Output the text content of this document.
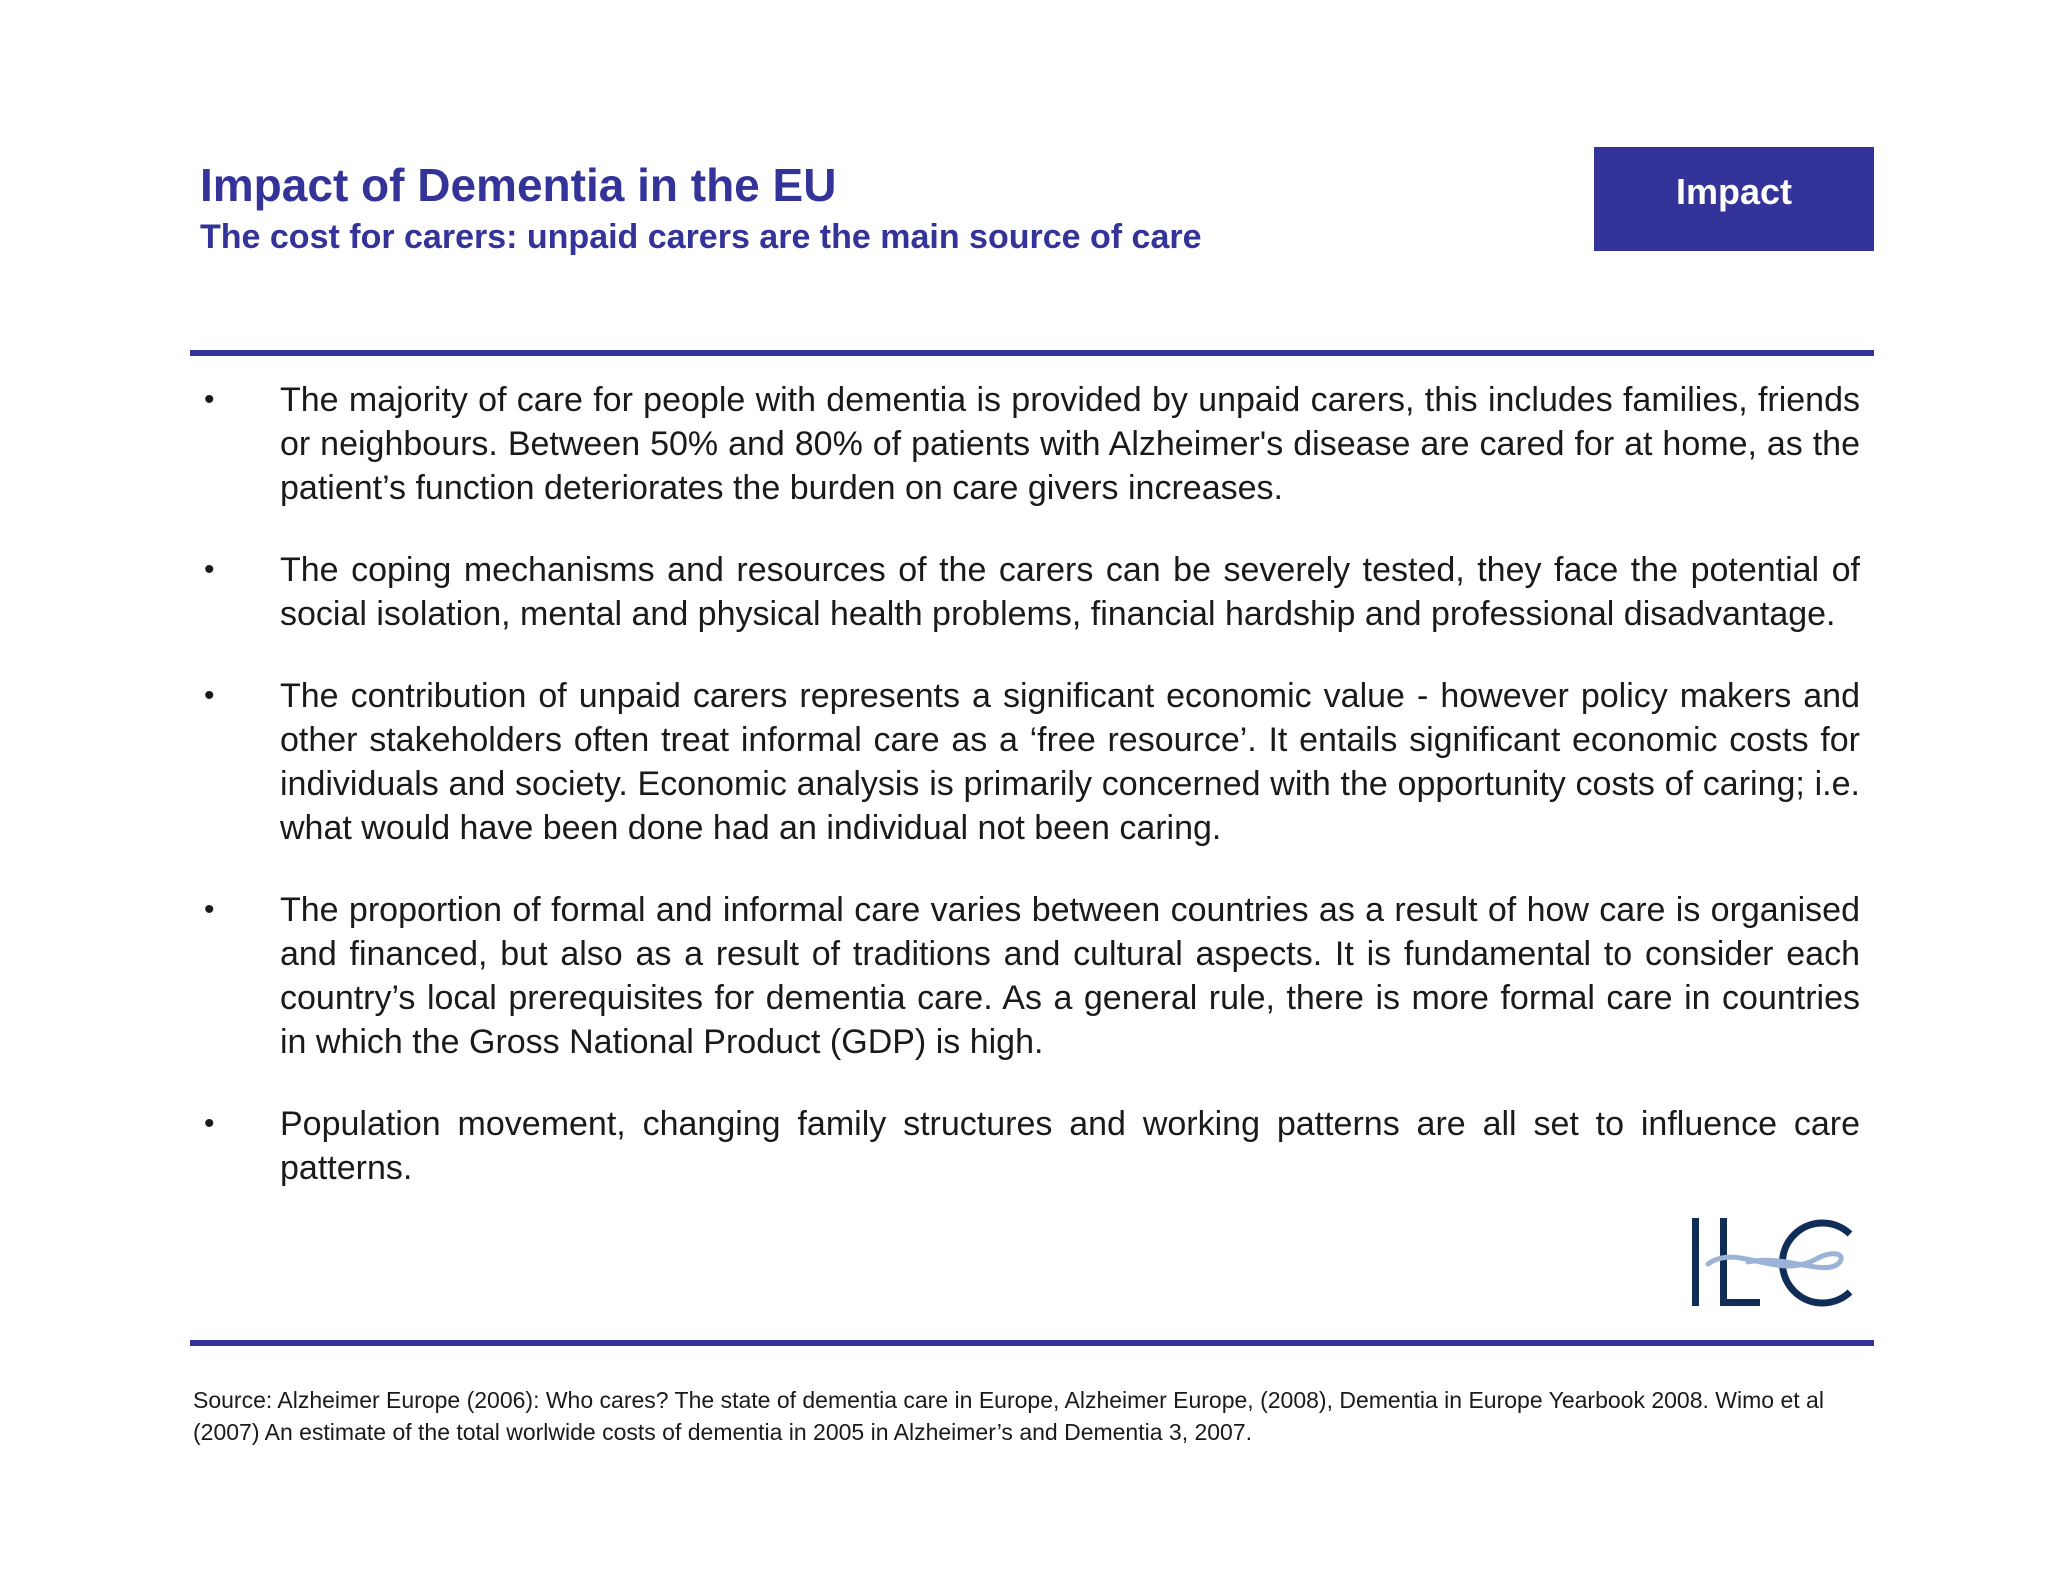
Impact of Dementia in the EU
The cost for carers: unpaid carers are the main source of care
Impact
• The majority of care for people with dementia is provided by unpaid carers, this includes families, friends or neighbours. Between 50% and 80% of patients with Alzheimer's disease are cared for at home, as the patient’s function deteriorates the burden on care givers increases.
• The coping mechanisms and resources of the carers can be severely tested, they face the potential of social isolation, mental and physical health problems, financial hardship and professional disadvantage.
• The contribution of unpaid carers represents a significant economic value - however policy makers and other stakeholders often treat informal care as a ‘free resource’. It entails significant economic costs for individuals and society. Economic analysis is primarily concerned with the opportunity costs of caring; i.e. what would have been done had an individual not been caring.
• The proportion of formal and informal care varies between countries as a result of how care is organised and financed, but also as a result of traditions and cultural aspects. It is fundamental to consider each country’s local prerequisites for dementia care. As a general rule, there is more formal care in countries in which the Gross National Product (GDP) is high.
• Population movement, changing family structures and working patterns are all set to influence care patterns.
Source: Alzheimer Europe (2006): Who cares? The state of dementia care in Europe, Alzheimer Europe, (2008), Dementia in Europe Yearbook 2008. Wimo et al (2007) An estimate of the total worlwide costs of dementia in 2005 in Alzheimer’s and Dementia 3, 2007.
